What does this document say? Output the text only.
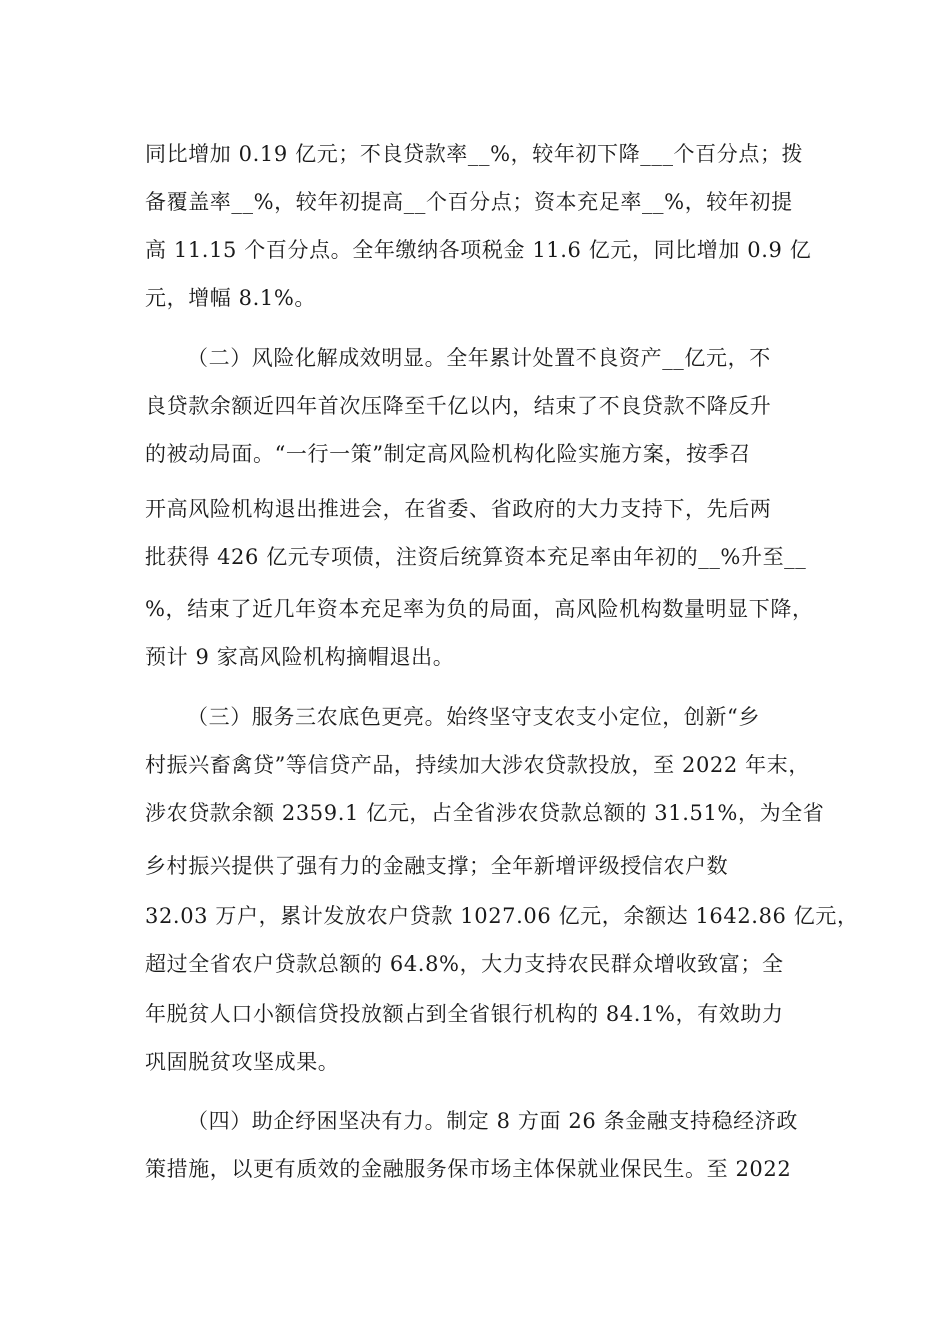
同比增加 0.19 亿元；不良贷款率__%，较年初下降___个百分点；拨
备覆盖率__%，较年初提高__个百分点；资本充足率__%，较年初提
高 11.15 个百分点。全年缴纳各项税金 11.6 亿元，同比增加 0.9 亿
元，增幅 8.1%。
（二）风险化解成效明显。全年累计处置不良资产__亿元，不
良贷款余额近四年首次压降至千亿以内，结束了不良贷款不降反升
的被动局面。“一行一策”制定高风险机构化险实施方案，按季召
开高风险机构退出推进会，在省委、省政府的大力支持下，先后两
批获得 426 亿元专项债，注资后统算资本充足率由年初的__%升至__
%，结束了近几年资本充足率为负的局面，高风险机构数量明显下降，
预计 9 家高风险机构摘帽退出。
（三）服务三农底色更亮。始终坚守支农支小定位，创新“乡
村振兴畜禽贷”等信贷产品，持续加大涉农贷款投放，至 2022 年末，
涉农贷款余额 2359.1 亿元，占全省涉农贷款总额的 31.51%，为全省
乡村振兴提供了强有力的金融支撑；全年新增评级授信农户数
32.03 万户，累计发放农户贷款 1027.06 亿元，余额达 1642.86 亿元，
超过全省农户贷款总额的 64.8%，大力支持农民群众增收致富；全
年脱贫人口小额信贷投放额占到全省银行机构的 84.1%，有效助力
巩固脱贫攻坚成果。
（四）助企纾困坚决有力。制定 8 方面 26 条金融支持稳经济政
策措施，以更有质效的金融服务保市场主体保就业保民生。至 2022
